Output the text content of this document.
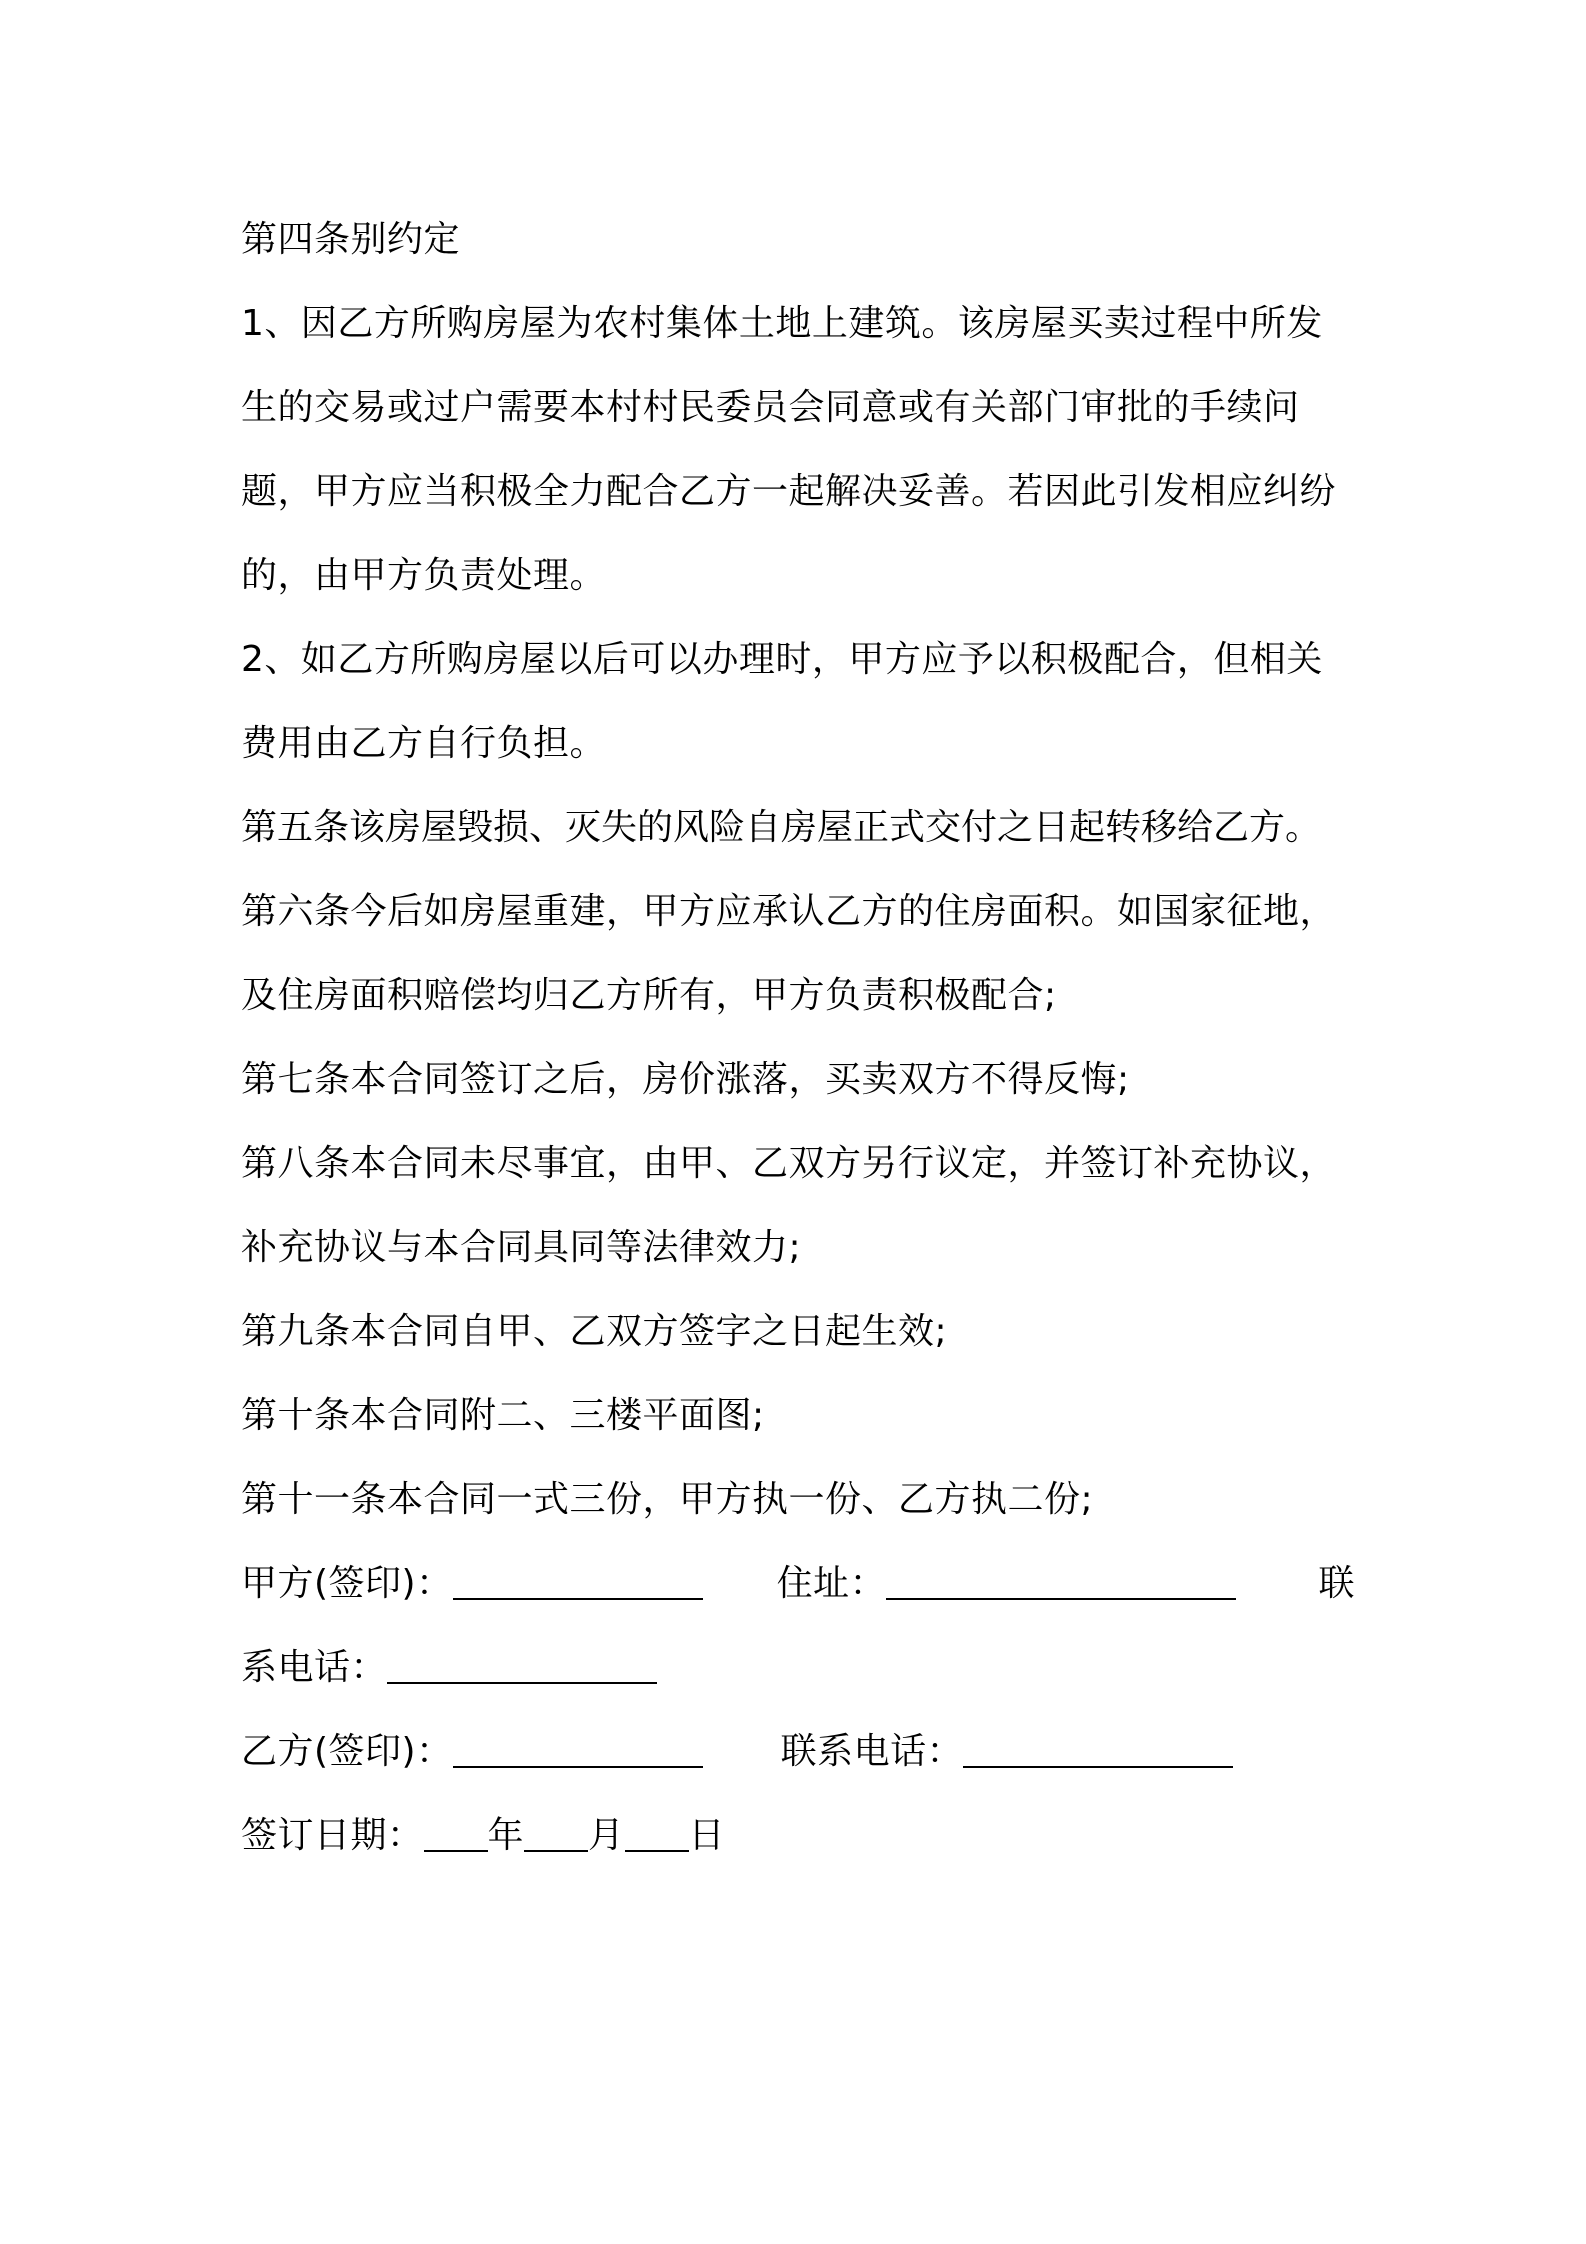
第四条别约定
1、因乙方所购房屋为农村集体土地上建筑。该房屋买卖过程中所发
生的交易或过户需要本村村民委员会同意或有关部门审批的手续问
题，甲方应当积极全力配合乙方一起解决妥善。若因此引发相应纠纷
的，由甲方负责处理。
2、如乙方所购房屋以后可以办理时，甲方应予以积极配合，但相关
费用由乙方自行负担。
第五条该房屋毁损、灭失的风险自房屋正式交付之日起转移给乙方。
第六条今后如房屋重建，甲方应承认乙方的住房面积。如国家征地，
及住房面积赔偿均归乙方所有，甲方负责积极配合;
第七条本合同签订之后，房价涨落，买卖双方不得反悔;
第八条本合同未尽事宜，由甲、乙双方另行议定，并签订补充协议，
补充协议与本合同具同等法律效力;
第九条本合同自甲、乙双方签字之日起生效;
第十条本合同附二、三楼平面图;
第十一条本合同一式三份，甲方执一份、乙方执二份;
甲方(签印)：	住址：	联
系电话：
乙方(签印)：	联系电话：
签订日期： 年 月 日
